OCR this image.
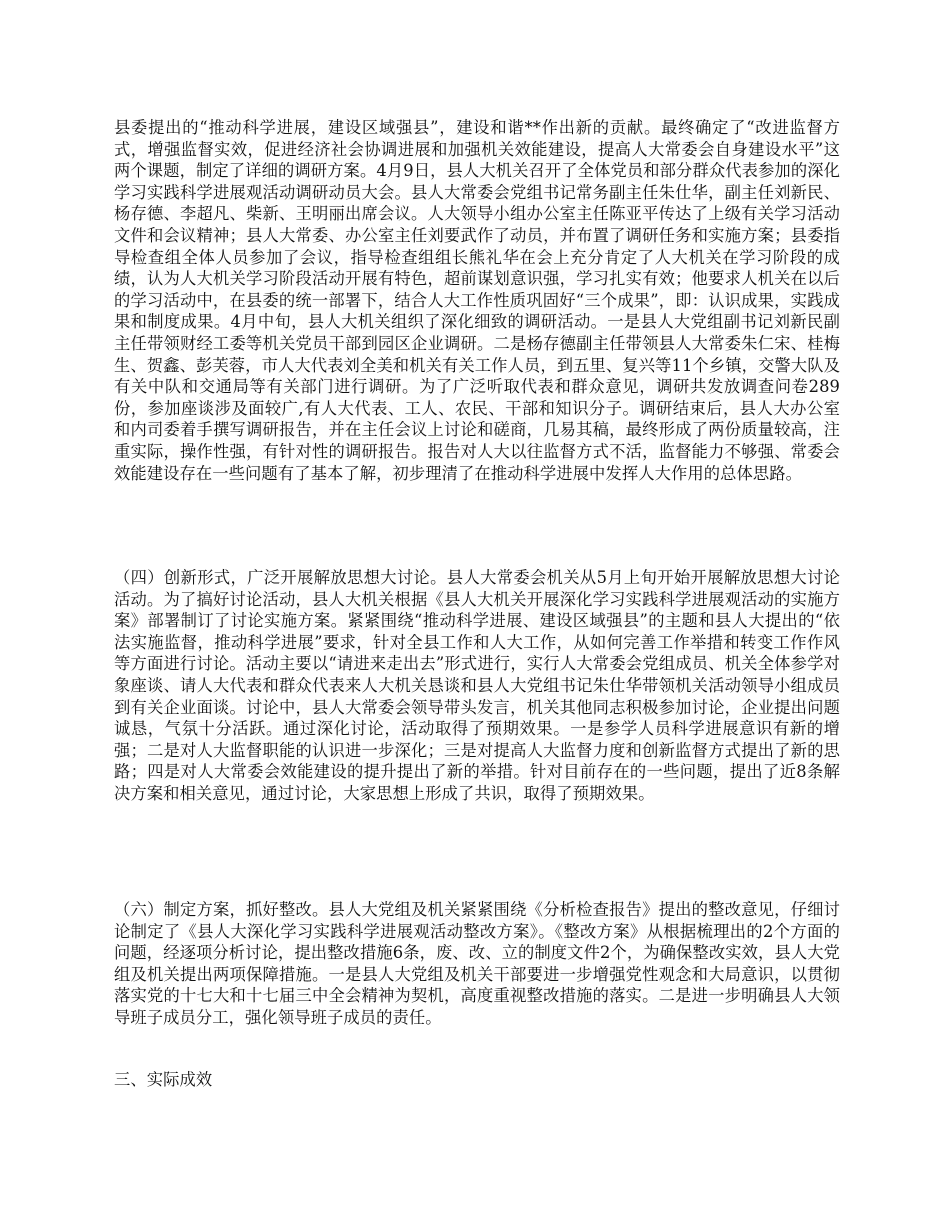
县委提出的“推动科学进展，建设区域强县”，建设和谐**作出新的贡献。最终确定了“改进监督方式，增强监督实效，促进经济社会协调进展和加强机关效能建设，提高人大常委会自身建设水平”这两个课题，制定了详细的调研方案。4月9日，县人大机关召开了全体党员和部分群众代表参加的深化学习实践科学进展观活动调研动员大会。县人大常委会党组书记常务副主任朱仕华，副主任刘新民、杨存德、李超凡、柴新、王明丽出席会议。人大领导小组办公室主任陈亚平传达了上级有关学习活动文件和会议精神；县人大常委、办公室主任刘要武作了动员，并布置了调研任务和实施方案；县委指导检查组全体人员参加了会议，指导检查组组长熊礼华在会上充分肯定了人大机关在学习阶段的成绩，认为人大机关学习阶段活动开展有特色，超前谋划意识强，学习扎实有效；他要求人机关在以后的学习活动中，在县委的统一部署下，结合人大工作性质巩固好“三个成果”，即：认识成果，实践成果和制度成果。4月中旬，县人大机关组织了深化细致的调研活动。一是县人大党组副书记刘新民副主任带领财经工委等机关党员干部到园区企业调研。二是杨存德副主任带领县人大常委朱仁宋、桂梅生、贺鑫、彭芙蓉，市人大代表刘全美和机关有关工作人员，到五里、复兴等11个乡镇，交警大队及有关中队和交通局等有关部门进行调研。为了广泛听取代表和群众意见，调研共发放调查问卷289份，参加座谈涉及面较广,有人大代表、工人、农民、干部和知识分子。调研结束后，县人大办公室和内司委着手撰写调研报告，并在主任会议上讨论和磋商，几易其稿，最终形成了两份质量较高，注重实际，操作性强，有针对性的调研报告。报告对人大以往监督方式不活，监督能力不够强、常委会效能建设存在一些问题有了基本了解，初步理清了在推动科学进展中发挥人大作用的总体思路。

（四）创新形式，广泛开展解放思想大讨论。县人大常委会机关从5月上旬开始开展解放思想大讨论活动。为了搞好讨论活动，县人大机关根据《县人大机关开展深化学习实践科学进展观活动的实施方案》部署制订了讨论实施方案。紧紧围绕“推动科学进展、建设区域强县”的主题和县人大提出的“依法实施监督，推动科学进展”要求，针对全县工作和人大工作，从如何完善工作举措和转变工作作风等方面进行讨论。活动主要以“请进来走出去”形式进行，实行人大常委会党组成员、机关全体参学对象座谈、请人大代表和群众代表来人大机关恳谈和县人大党组书记朱仕华带领机关活动领导小组成员到有关企业面谈。讨论中，县人大常委会领导带头发言，机关其他同志积极参加讨论，企业提出问题诚恳，气氛十分活跃。通过深化讨论，活动取得了预期效果。一是参学人员科学进展意识有新的增强；二是对人大监督职能的认识进一步深化；三是对提高人大监督力度和创新监督方式提出了新的思路；四是对人大常委会效能建设的提升提出了新的举措。针对目前存在的一些问题，提出了近8条解决方案和相关意见，通过讨论，大家思想上形成了共识，取得了预期效果。

（六）制定方案，抓好整改。县人大党组及机关紧紧围绕《分析检查报告》提出的整改意见，仔细讨论制定了《县人大深化学习实践科学进展观活动整改方案》。《整改方案》从根据梳理出的2个方面的问题，经逐项分析讨论，提出整改措施6条，废、改、立的制度文件2个，为确保整改实效，县人大党组及机关提出两项保障措施。一是县人大党组及机关干部要进一步增强党性观念和大局意识，以贯彻落实党的十七大和十七届三中全会精神为契机，高度重视整改措施的落实。二是进一步明确县人大领导班子成员分工，强化领导班子成员的责任。

三、实际成效
